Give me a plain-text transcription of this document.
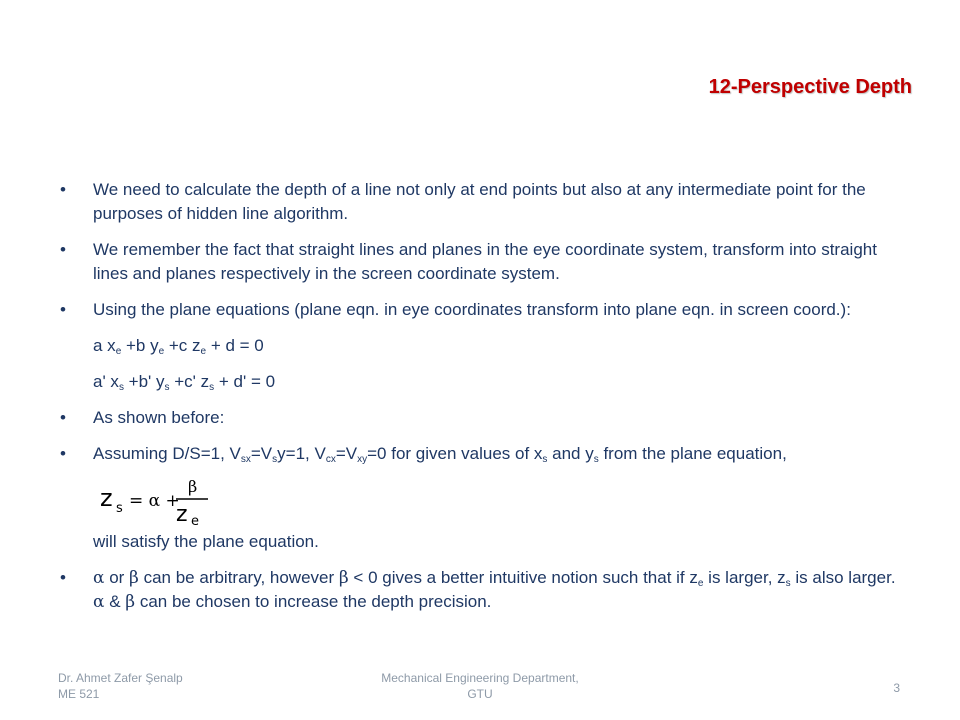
12-Perspective Depth
• We need to calculate the depth of a line not only at end points but also at any intermediate point for the purposes of hidden line algorithm.
• We remember the fact that straight lines and planes in the eye coordinate system, transform into straight lines and planes respectively in the screen coordinate system.
• Using the plane equations (plane eqn. in eye coordinates transform into plane eqn. in screen coord.):
a $x_e +b$ $y_e +c$ $z_e + d = 0$
a' $x_s +b'$ $y_s +c'$ $z_s + d' = 0$
• As shown before:
• Assuming D/S=1, $V_{sx}=V_sy=1$, $V_{cx}=V_{xy}=0$ for given values of $x_s$ and $y_s$ from the plane equation,
z s = α +
β
z e
will satisfy the plane equation.
• α or β can be arbitrary, however β < 0 gives a better intuitive notion such that if $z_e$ is larger, $z_s$ is also larger. α & β can be chosen to increase the depth precision.
Dr. Ahmet Zafer Şenalp
ME 521
Mechanical Engineering Department,
GTU	3
